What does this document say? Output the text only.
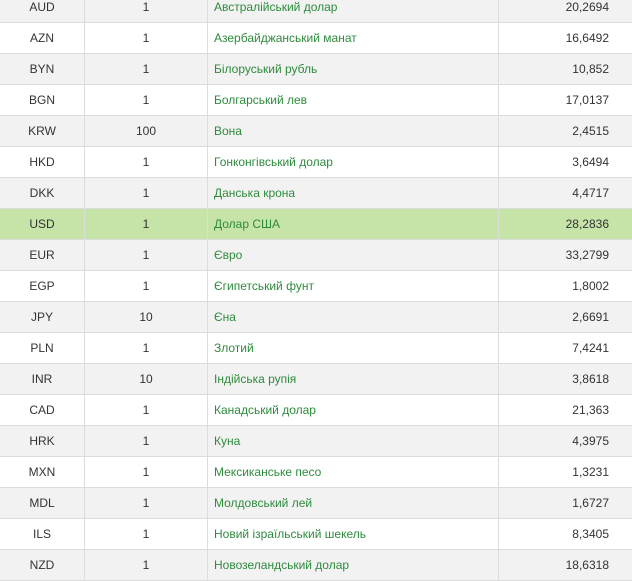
AUD	1	Австралійський долар	20,2694
AZN	1	Азербайджанський манат	16,6492
BYN	1	Білоруський рубль	10,852
BGN	1	Болгарський лев	17,0137
KRW	100	Вона	2,4515
HKD	1	Гонконгівський долар	3,6494
DKK	1	Данська крона	4,4717
USD	1	Долар США	28,2836
EUR	1	Євро	33,2799
EGP	1	Єгипетський фунт	1,8002
JPY	10	Єна	2,6691
PLN	1	Злотий	7,4241
INR	10	Індійська рупія	3,8618
CAD	1	Канадський долар	21,363
HRK	1	Куна	4,3975
MXN	1	Мексиканське песо	1,3231
MDL	1	Молдовський лей	1,6727
ILS	1	Новий ізраїльський шекель	8,3405
NZD	1	Новозеландський долар	18,6318
